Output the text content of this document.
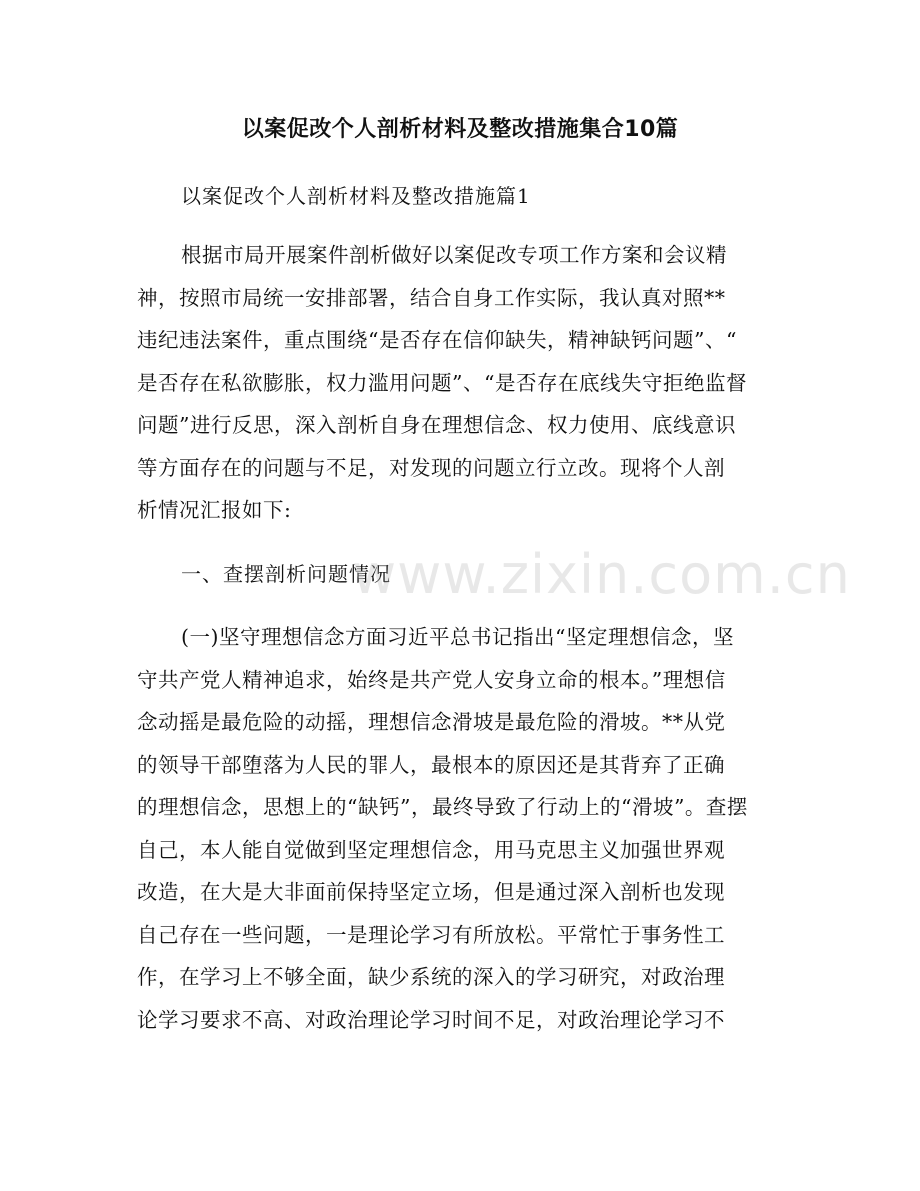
以案促改个人剖析材料及整改措施集合10篇
以案促改个人剖析材料及整改措施篇1
根据市局开展案件剖析做好以案促改专项工作方案和会议精
神，按照市局统一安排部署，结合自身工作实际，我认真对照**
违纪违法案件，重点围绕“是否存在信仰缺失，精神缺钙问题”、“
是否存在私欲膨胀，权力滥用问题”、“是否存在底线失守拒绝监督
问题”进行反思，深入剖析自身在理想信念、权力使用、底线意识
等方面存在的问题与不足，对发现的问题立行立改。现将个人剖
析情况汇报如下:
一、查摆剖析问题情况
(一)坚守理想信念方面习近平总书记指出“坚定理想信念，坚
守共产党人精神追求，始终是共产党人安身立命的根本。”理想信
念动摇是最危险的动摇，理想信念滑坡是最危险的滑坡。**从党
的领导干部堕落为人民的罪人，最根本的原因还是其背弃了正确
的理想信念，思想上的“缺钙”，最终导致了行动上的“滑坡”。查摆
自己，本人能自觉做到坚定理想信念，用马克思主义加强世界观
改造，在大是大非面前保持坚定立场，但是通过深入剖析也发现
自己存在一些问题，一是理论学习有所放松。平常忙于事务性工
作，在学习上不够全面，缺少系统的深入的学习研究，对政治理
论学习要求不高、对政治理论学习时间不足，对政治理论学习不
www.zixin.com.cn
